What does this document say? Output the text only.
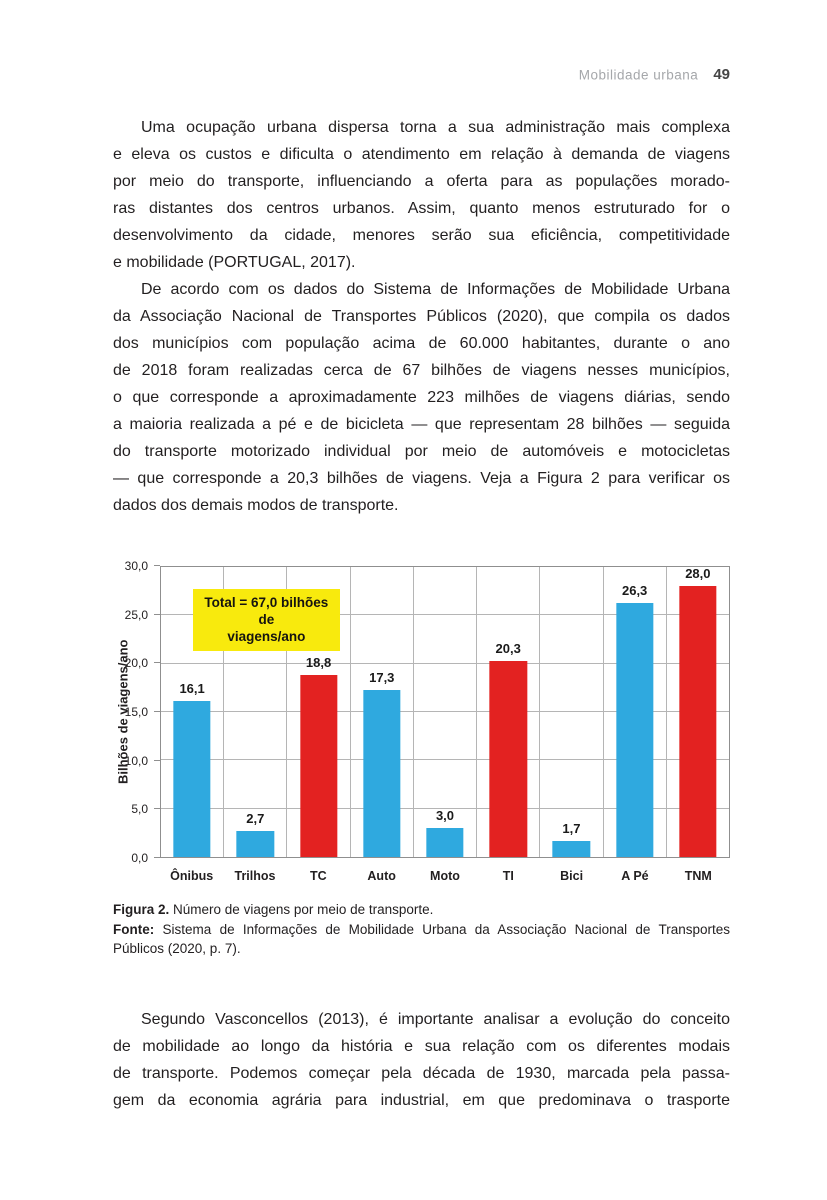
Mobilidade urbana 49
Uma ocupação urbana dispersa torna a sua administração mais complexa
e eleva os custos e dificulta o atendimento em relação à demanda de viagens
por meio do transporte, influenciando a oferta para as populações morado-
ras distantes dos centros urbanos. Assim, quanto menos estruturado for o
desenvolvimento da cidade, menores serão sua eficiência, competitividade
e mobilidade (PORTUGAL, 2017).
De acordo com os dados do Sistema de Informações de Mobilidade Urbana
da Associação Nacional de Transportes Públicos (2020), que compila os dados
dos municípios com população acima de 60.000 habitantes, durante o ano
de 2018 foram realizadas cerca de 67 bilhões de viagens nesses municípios,
o que corresponde a aproximadamente 223 milhões de viagens diárias, sendo
a maioria realizada a pé e de bicicleta — que representam 28 bilhões — seguida
do transporte motorizado individual por meio de automóveis e motocicletas
— que corresponde a 20,3 bilhões de viagens. Veja a Figura 2 para verificar os
dados dos demais modos de transporte.
Bilhões de viagens/ano
0,0
5,0
10,0
15,0
20,0
25,0
30,0
Total = 67,0 bilhões de
viagens/ano
16,1
2,7
18,8
17,3
3,0
20,3
1,7
26,3
28,0
Ônibus	Trilhos	TC	Auto	Moto	TI	Bici	A Pé	TNM
Figura 2. Número de viagens por meio de transporte.
Fonte: Sistema de Informações de Mobilidade Urbana da Associação Nacional de Transportes Públicos (2020, p. 7).
Segundo Vasconcellos (2013), é importante analisar a evolução do conceito
de mobilidade ao longo da história e sua relação com os diferentes modais
de transporte. Podemos começar pela década de 1930, marcada pela passa-
gem da economia agrária para industrial, em que predominava o trasporte
